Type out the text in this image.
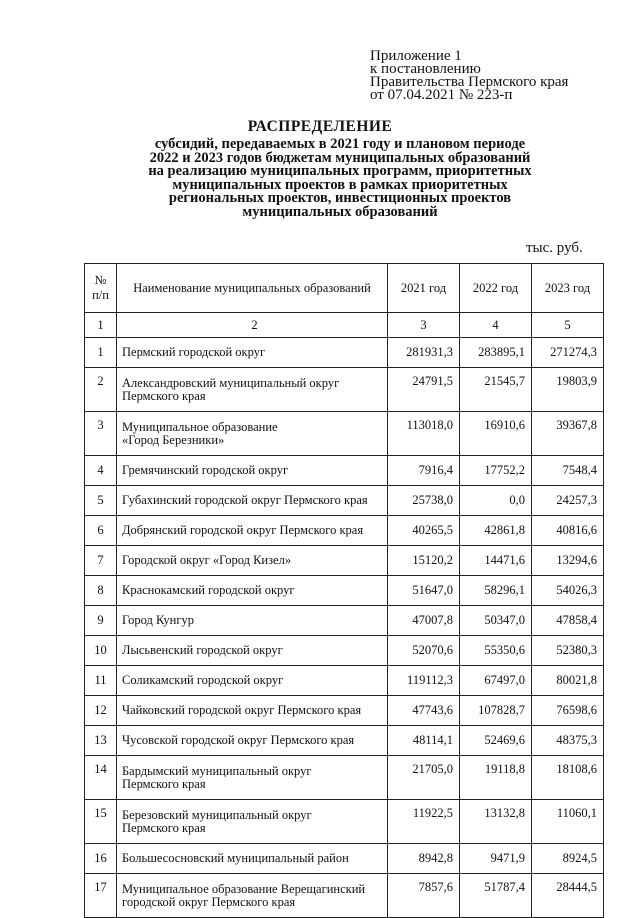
Приложение 1
к постановлению
Правительства Пермского края
от 07.04.2021 № 223-п
РАСПРЕДЕЛЕНИЕ
субсидий, передаваемых в 2021 году и плановом периоде
2022 и 2023 годов бюджетам муниципальных образований
на реализацию муниципальных программ, приоритетных
муниципальных проектов в рамках приоритетных
региональных проектов, инвестиционных проектов
муниципальных образований
тыс. руб.
№
п/п	Наименование муниципальных образований	2021 год	2022 год	2023 год
1	2	3	4	5
1	Пермский городской округ	281931,3	283895,1	271274,3
2	Александровский муниципальный округ
Пермского края	24791,5	21545,7	19803,9
3	Муниципальное образование
«Город Березники»	113018,0	16910,6	39367,8
4	Гремячинский городской округ	7916,4	17752,2	7548,4
5	Губахинский городской округ Пермского края	25738,0	0,0	24257,3
6	Добрянский городской округ Пермского края	40265,5	42861,8	40816,6
7	Городской округ «Город Кизел»	15120,2	14471,6	13294,6
8	Краснокамский городской округ	51647,0	58296,1	54026,3
9	Город Кунгур	47007,8	50347,0	47858,4
10	Лысьвенский городской округ	52070,6	55350,6	52380,3
11	Соликамский городской округ	119112,3	67497,0	80021,8
12	Чайковский городской округ Пермского края	47743,6	107828,7	76598,6
13	Чусовской городской округ Пермского края	48114,1	52469,6	48375,3
14	Бардымский муниципальный округ
Пермского края	21705,0	19118,8	18108,6
15	Березовский муниципальный округ
Пермского края	11922,5	13132,8	11060,1
16	Большесосновский муниципальный район	8942,8	9471,9	8924,5
17	Муниципальное образование Верещагинский
городской округ Пермского края	7857,6	51787,4	28444,5
